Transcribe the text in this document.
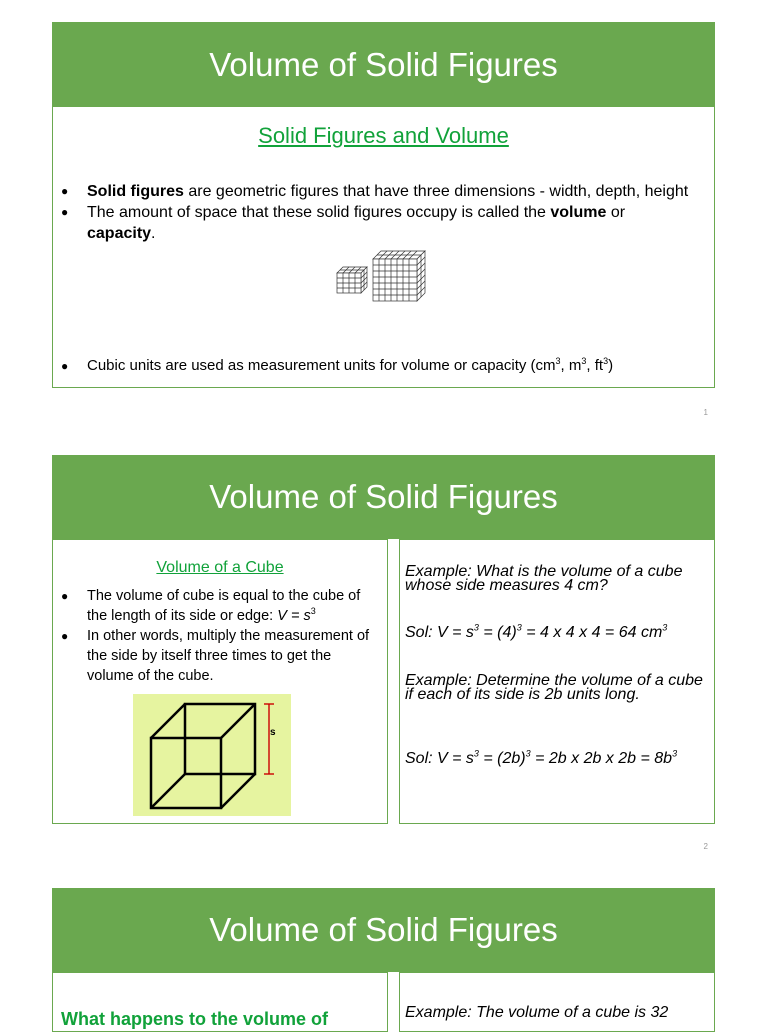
Volume of Solid Figures
Solid Figures and Volume
● Solid figures are geometric figures that have three dimensions - width, depth, height
● The amount of space that these solid figures occupy is called the volume or capacity.
● Cubic units are used as measurement units for volume or capacity ($cm^3$, $m^3$, $ft^3$)
1
Volume of Solid Figures
Volume of a Cube
● The volume of cube is equal to the cube of the length of its side or edge: $V = s^3$
● In other words, multiply the measurement of the side by itself three times to get the volume of the cube.
s
Example: What is the volume of a cube whose side measures 4 cm?
Sol: $V = s^3 = (4)^3 = 4$ x 4 x 4 = 64 $cm^3$
Example: Determine the volume of a cube if each of its side is 2b units long.
Sol: $V = s^3 = (2b)^3 = 2b$ x 2b x $2b = 8b^3$
2
Volume of Solid Figures
What happens to the volume of	Example: The volume of a cube is 32
